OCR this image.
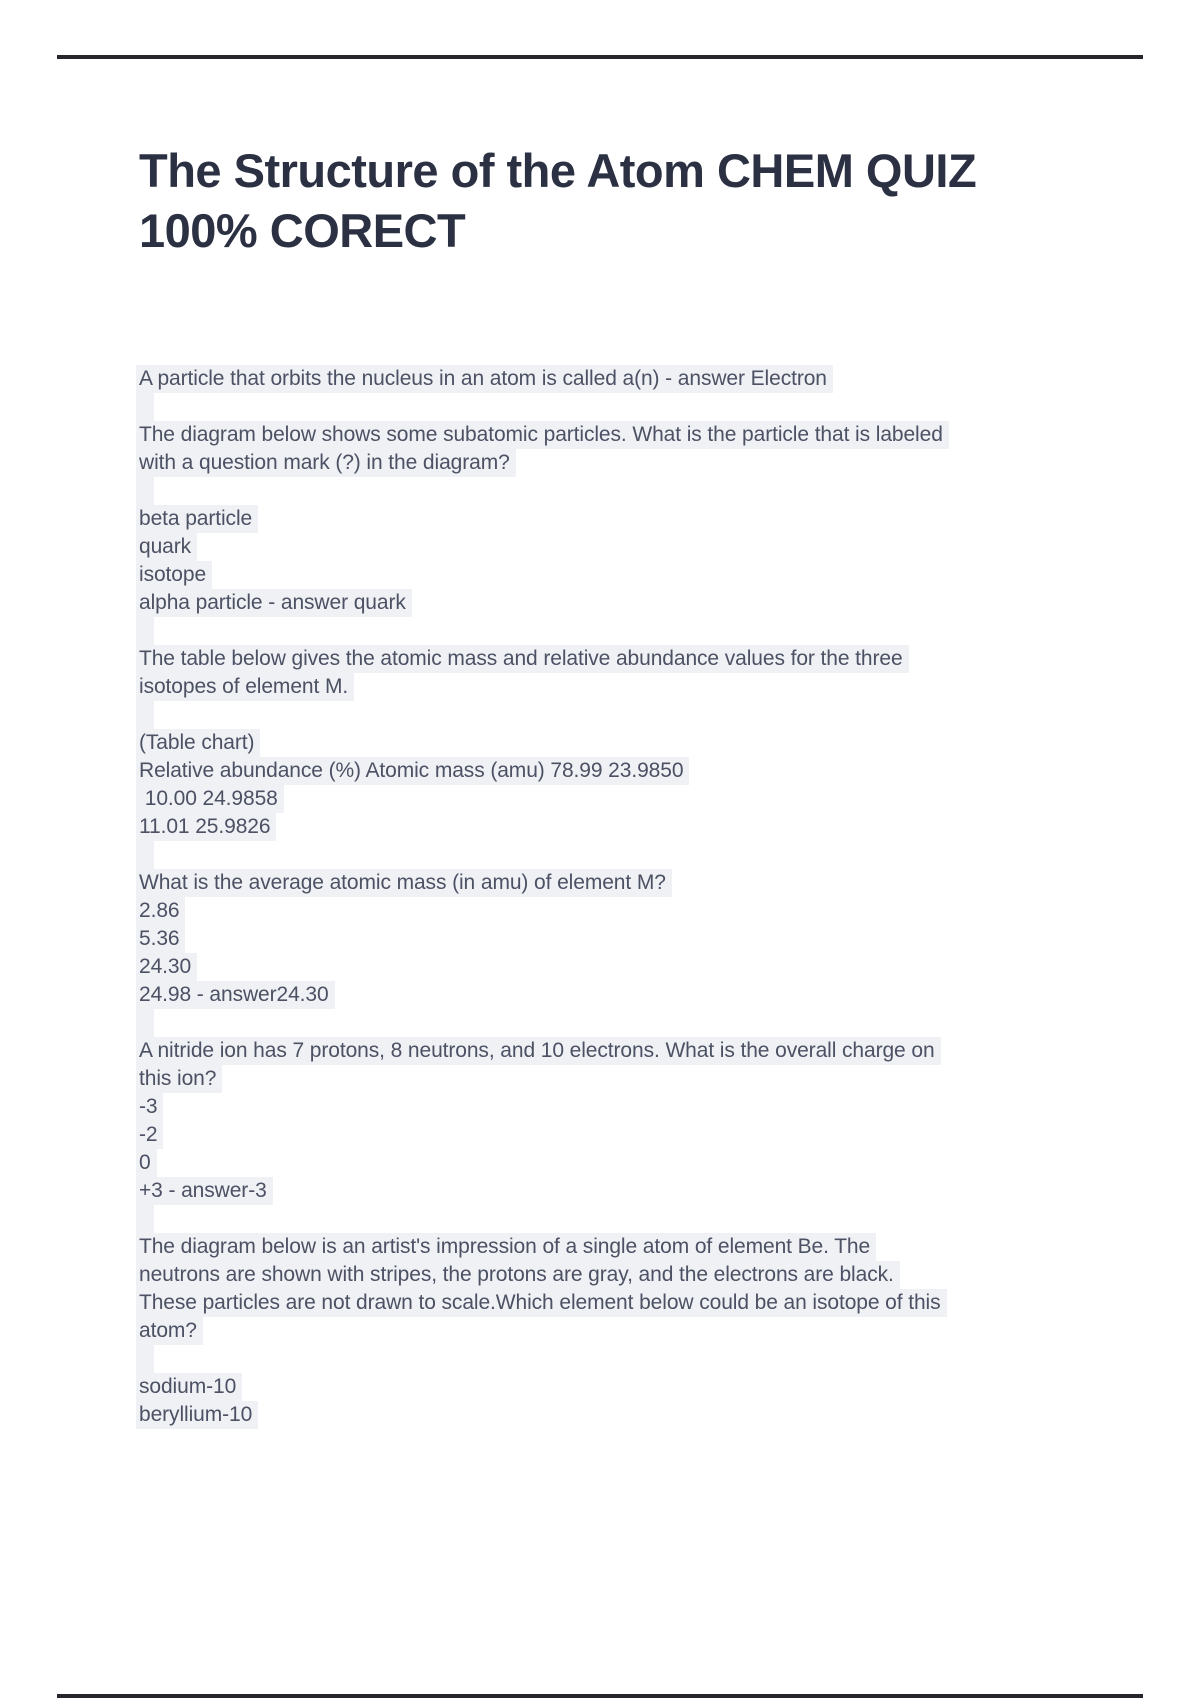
The Structure of the Atom CHEM QUIZ
100% CORECT
A particle that orbits the nucleus in an atom is called a(n) - answer Electron

The diagram below shows some subatomic particles. What is the particle that is labeled
with a question mark (?) in the diagram?

beta particle
quark
isotope
alpha particle - answer quark

The table below gives the atomic mass and relative abundance values for the three
isotopes of element M.

(Table chart)
Relative abundance (%) Atomic mass (amu) 78.99 23.9850
10.00 24.9858
11.01 25.9826

What is the average atomic mass (in amu) of element M?
2.86
5.36
24.30
24.98 - answer24.30

A nitride ion has 7 protons, 8 neutrons, and 10 electrons. What is the overall charge on
this ion?
-3
-2
0
+3 - answer-3

The diagram below is an artist's impression of a single atom of element Be. The
neutrons are shown with stripes, the protons are gray, and the electrons are black.
These particles are not drawn to scale.Which element below could be an isotope of this
atom?

sodium-10
beryllium-10
